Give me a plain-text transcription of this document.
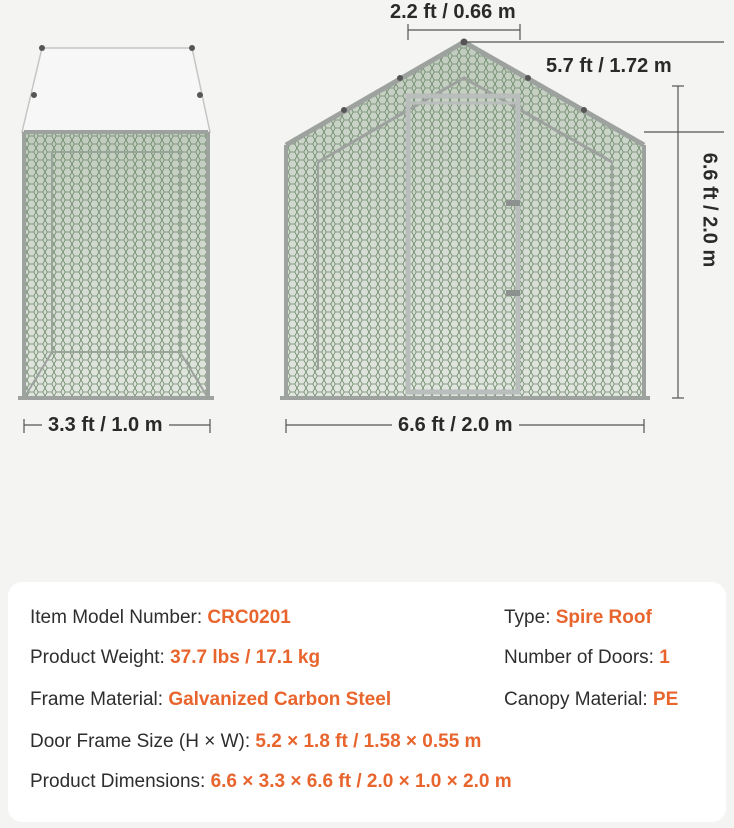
2.2 ft / 0.66 m
5.7 ft / 1.72 m
6.6 ft / 2.0 m
3.3 ft / 1.0 m	6.6 ft / 2.0 m
Item Model Number: CRC0201	Type: Spire Roof
Product Weight: 37.7 lbs / 17.1 kg	Number of Doors: 1
Frame Material: Galvanized Carbon Steel	Canopy Material: PE
Door Frame Size (H × W): 5.2 × 1.8 ft / 1.58 × 0.55 m
Product Dimensions: 6.6 × 3.3 × 6.6 ft / 2.0 × 1.0 × 2.0 m
